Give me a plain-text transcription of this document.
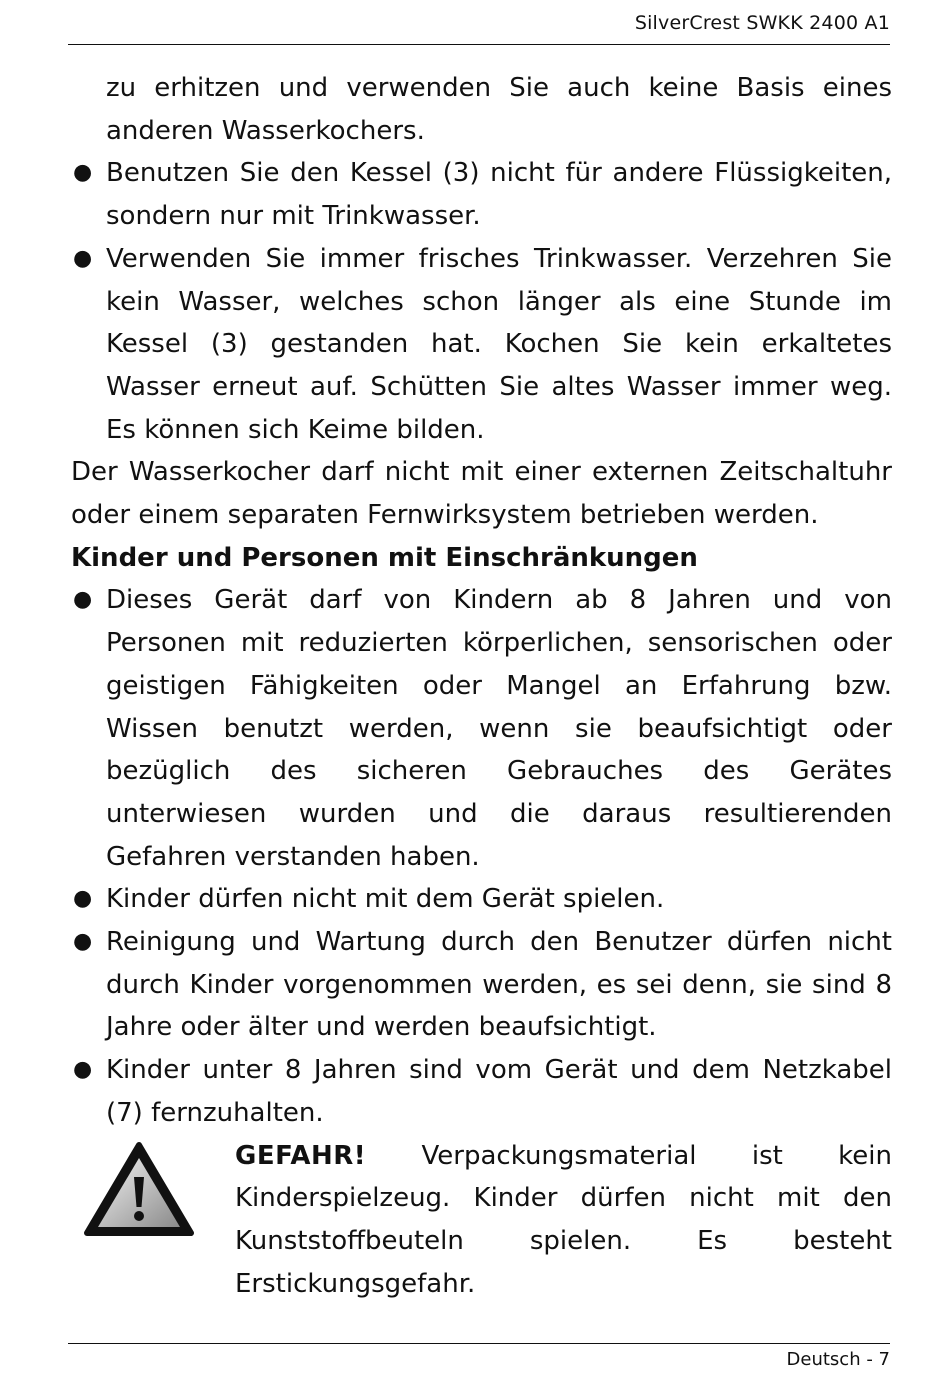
SilverCrest SWKK 2400 A1

zu erhitzen und verwenden Sie auch keine Basis eines anderen Wasserkochers.

● Benutzen Sie den Kessel (3) nicht für andere Flüssigkeiten, sondern nur mit Trinkwasser.

● Verwenden Sie immer frisches Trinkwasser. Verzehren Sie kein Wasser, welches schon länger als eine Stunde im Kessel (3) gestanden hat. Kochen Sie kein erkaltetes Wasser erneut auf. Schütten Sie altes Wasser immer weg. Es können sich Keime bilden.

Der Wasserkocher darf nicht mit einer externen Zeitschaltuhr oder einem separaten Fernwirksystem betrieben werden.

Kinder und Personen mit Einschränkungen

● Dieses Gerät darf von Kindern ab 8 Jahren und von Personen mit reduzierten körperlichen, sensorischen oder geistigen Fähigkeiten oder Mangel an Erfahrung bzw. Wissen benutzt werden, wenn sie beaufsichtigt oder bezüglich des sicheren Gebrauches des Gerätes unterwiesen wurden und die daraus resultierenden Gefahren verstanden haben.

● Kinder dürfen nicht mit dem Gerät spielen.

● Reinigung und Wartung durch den Benutzer dürfen nicht durch Kinder vorgenommen werden, es sei denn, sie sind 8 Jahre oder älter und werden beaufsichtigt.

● Kinder unter 8 Jahren sind vom Gerät und dem Netzkabel (7) fernzuhalten.

GEFAHR! Verpackungsmaterial ist kein
Kinderspielzeug. Kinder dürfen nicht mit den
Kunststoffbeuteln spielen. Es besteht
Erstickungsgefahr.
Deutsch - 7
